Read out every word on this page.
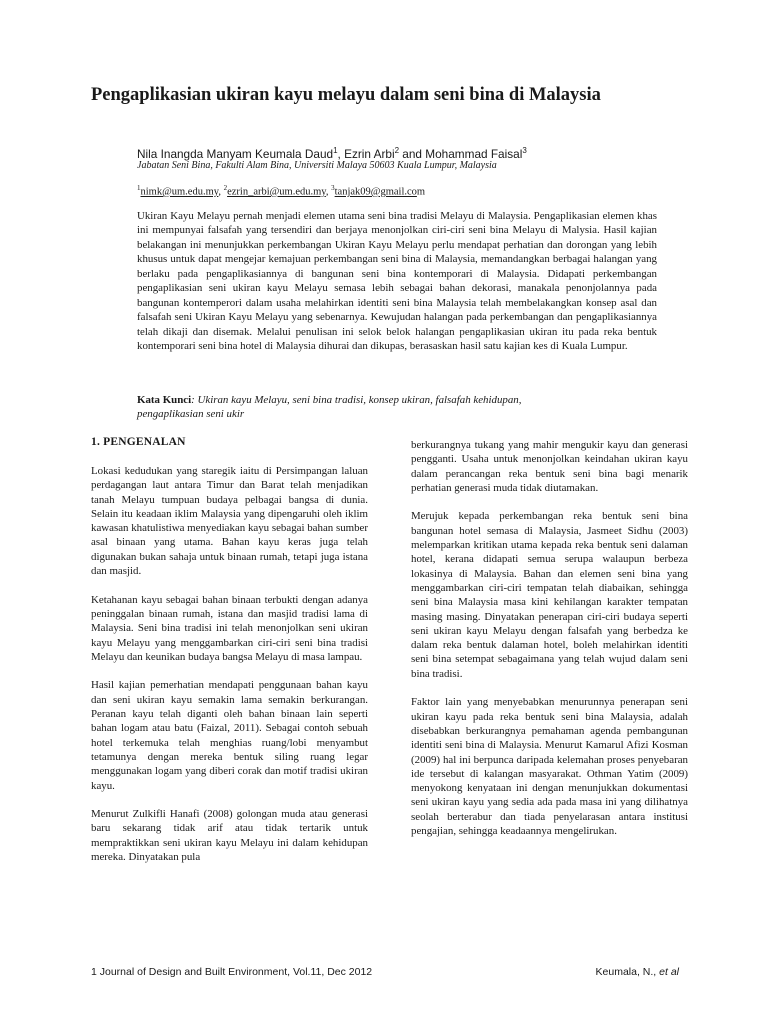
Pengaplikasian ukiran kayu melayu dalam seni bina di Malaysia
Nila Inangda Manyam Keumala Daud$^1$, Ezrin Arbi$^2$ and Mohammad Faisal$^3$
Jabatan Seni Bina, Fakulti Alam Bina, Universiti Malaya 50603 Kuala Lumpur, Malaysia
$^1$nimk@um.edu.my, $^2$ezrin_arbi@um.edu.my, $^3$tanjak09@gmail.com

Ukiran Kayu Melayu pernah menjadi elemen utama seni bina tradisi Melayu di Malaysia. Pengaplikasian elemen khas ini mempunyai falsafah yang tersendiri dan berjaya menonjolkan ciri-ciri seni bina Melayu di Malysia. Hasil kajian belakangan ini menunjukkan perkembangan Ukiran Kayu Melayu perlu mendapat perhatian dan dorongan yang lebih khusus untuk dapat mengejar kemajuan perkembangan seni bina di Malaysia, memandangkan berbagai halangan yang berlaku pada pengaplikasiannya di bangunan seni bina kontemporari di Malaysia. Didapati perkembangan pengaplikasian seni ukiran kayu Melayu semasa lebih sebagai bahan dekorasi, manakala penonjolannya pada bangunan kontemperori dalam usaha melahirkan identiti seni bina Malaysia telah membelakangkan konsep asal dan falsafah seni Ukiran Kayu Melayu yang sebenarnya. Kewujudan halangan pada perkembangan dan pengaplikasiannya telah dikaji dan disemak. Melalui penulisan ini selok belok halangan pengaplikasian ukiran itu pada reka bentuk kontemporari seni bina hotel di Malaysia dihurai dan dikupas, berasaskan hasil satu kajian kes di Kuala Lumpur.

Kata Kunci: Ukiran kayu Melayu, seni bina tradisi, konsep ukiran, falsafah kehidupan, pengaplikasian seni ukir

1. PENGENALAN

Lokasi kedudukan yang staregik iaitu di Persimpangan laluan perdagangan laut antara Timur dan Barat telah menjadikan tanah Melayu tumpuan budaya pelbagai bangsa di dunia. Selain itu keadaan iklim Malaysia yang dipengaruhi oleh iklim kawasan khatulistiwa menyediakan kayu sebagai bahan sumber asal binaan yang utama. Bahan kayu keras juga telah digunakan bukan sahaja untuk binaan rumah, tetapi juga istana dan masjid.

Ketahanan kayu sebagai bahan binaan terbukti dengan adanya peninggalan binaan rumah, istana dan masjid tradisi lama di Malaysia. Seni bina tradisi ini telah menonjolkan seni ukiran kayu Melayu yang menggambarkan ciri-ciri seni bina tradisi Melayu dan keunikan budaya bangsa Melayu di masa lampau.

Hasil kajian pemerhatian mendapati penggunaan bahan kayu dan seni ukiran kayu semakin lama semakin berkurangan. Peranan kayu telah diganti oleh bahan binaan lain seperti bahan logam atau batu (Faizal, 2011). Sebagai contoh sebuah hotel terkemuka telah menghias ruang/lobi menyambut tetamunya dengan mereka bentuk siling ruang legar menggunakan logam yang diberi corak dan motif tradisi ukiran kayu.

Menurut Zulkifli Hanafi (2008) golongan muda atau generasi baru sekarang tidak arif atau tidak tertarik untuk mempraktikkan seni ukiran kayu Melayu ini dalam kehidupan mereka. Dinyatakan pula

berkurangnya tukang yang mahir mengukir kayu dan generasi pengganti. Usaha untuk menonjolkan keindahan ukiran kayu dalam perancangan reka bentuk seni bina bagi menarik perhatian generasi muda tidak diutamakan.

Merujuk kepada perkembangan reka bentuk seni bina bangunan hotel semasa di Malaysia, Jasmeet Sidhu (2003) melemparkan kritikan utama kepada reka bentuk seni dalaman hotel, kerana didapati semua serupa walaupun berbeza lokasinya di Malaysia. Bahan dan elemen seni bina yang menggambarkan ciri-ciri tempatan telah diabaikan, sehingga seni bina Malaysia masa kini kehilangan karakter tempatan masing masing. Dinyatakan penerapan ciri-ciri budaya seperti seni ukiran kayu Melayu dengan falsafah yang berbedza ke dalam reka bentuk dalaman hotel, boleh melahirkan identiti seni bina setempat sebagaimana yang telah wujud dalam seni bina tradisi.

Faktor lain yang menyebabkan menurunnya penerapan seni ukiran kayu pada reka bentuk seni bina Malaysia, adalah disebabkan berkurangnya pemahaman agenda pembangunan identiti seni bina di Malaysia. Menurut Kamarul Afizi Kosman (2009) hal ini berpunca daripada kelemahan proses penyebaran ide tersebut di kalangan masyarakat. Othman Yatim (2009) menyokong kenyataan ini dengan menunjukkan dokumentasi seni ukiran kayu yang sedia ada pada masa ini yang dilihatnya seolah berterabur dan tiada penyelarasan antara institusi pengajian, sehingga keadaannya mengelirukan.

1 Journal of Design and Built Environment, Vol.11, Dec 2012	Keumala, N., et al
